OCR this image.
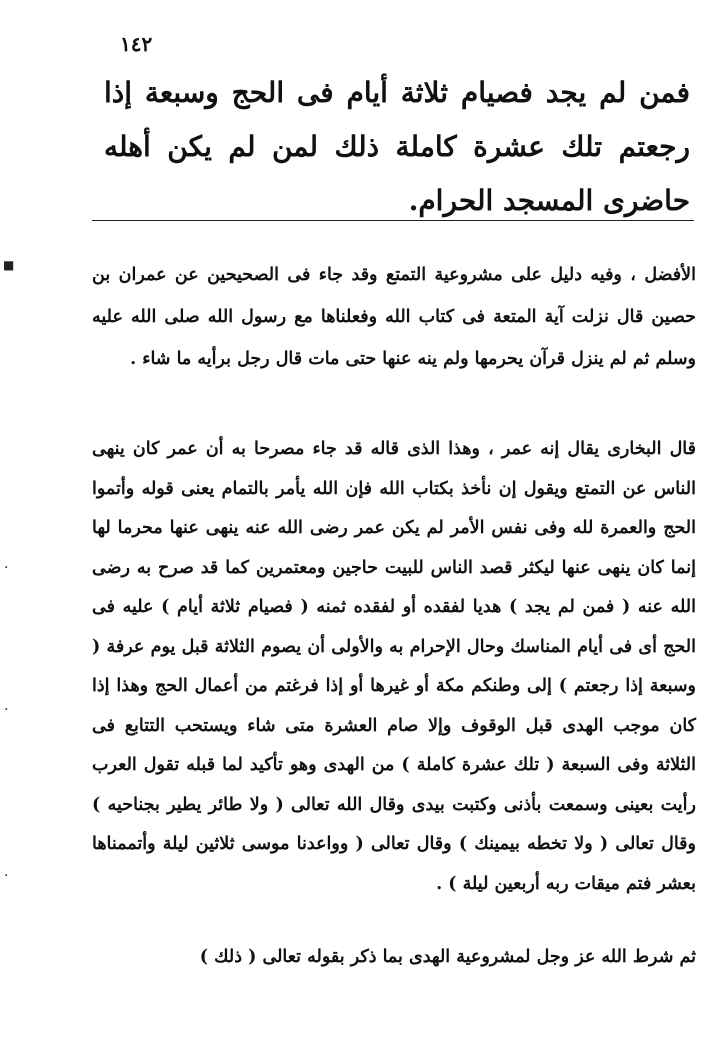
١٤٢
فمن لم يجد فصيام ثلاثة أيام فى الحج وسبعة إذا رجعتم تلك عشرة كاملة ذلك لمن لم يكن أهله حاضرى المسجد الحرام.
الأفضل ، وفيه دليل على مشروعية التمتع وقد جاء فى الصحيحين عن عمران بن حصين قال نزلت آية المتعة فى كتاب الله وفعلناها مع رسول الله صلى الله عليه وسلم ثم لم ينزل قرآن يحرمها ولم ينه عنها حتى مات قال رجل برأيه ما شاء .
قال البخارى يقال إنه عمر ، وهذا الذى قاله قد جاء مصرحا به أن عمر كان ينهى الناس عن التمتع ويقول إن نأخذ بكتاب الله فإن الله يأمر بالتمام يعنى قوله وأتموا الحج والعمرة لله وفى نفس الأمر لم يكن عمر رضى الله عنه ينهى عنها محرما لها إنما كان ينهى عنها ليكثر قصد الناس للبيت حاجين ومعتمرين كما قد صرح به رضى الله عنه ( فمن لم يجد ) هديا لفقده أو لفقده ثمنه ( فصيام ثلاثة أيام ) عليه فى الحج أى فى أيام المناسك وحال الإحرام به والأولى أن يصوم الثلاثة قبل يوم عرفة ( وسبعة إذا رجعتم ) إلى وطنكم مكة أو غيرها أو إذا فرغتم من أعمال الحج وهذا إذا كان موجب الهدى قبل الوقوف وإلا صام العشرة متى شاء ويستحب التتابع فى الثلاثة وفى السبعة ( تلك عشرة كاملة ) من الهدى وهو تأكيد لما قبله تقول العرب رأيت بعينى وسمعت بأذنى وكتبت بيدى وقال الله تعالى ( ولا طائر يطير بجناحيه ) وقال تعالى ( ولا تخطه بيمينك ) وقال تعالى ( وواعدنا موسى ثلاثين ليلة وأتممناها بعشر فتم ميقات ربه أربعين ليلة ) .
ثم شرط الله عز وجل لمشروعية الهدى بما ذكر بقوله تعالى ( ذلك )
■
·
·
·
